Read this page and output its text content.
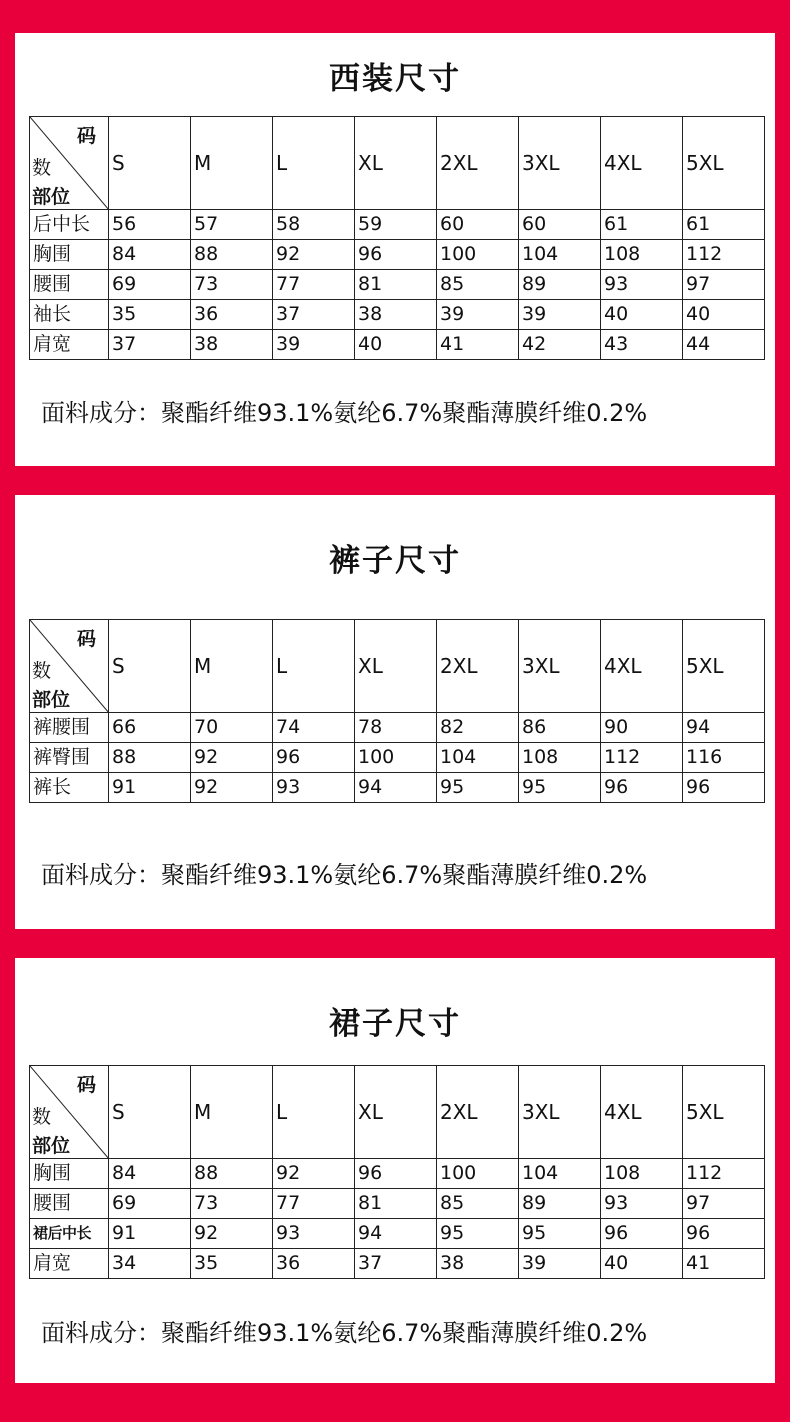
西装尺寸
码
数
部位	S	M	L	XL	2XL	3XL	4XL	5XL
后中长	56	57	58	59	60	60	61	61
胸围	84	88	92	96	100	104	108	112
腰围	69	73	77	81	85	89	93	97
袖长	35	36	37	38	39	39	40	40
肩宽	37	38	39	40	41	42	43	44
面料成分：聚酯纤维93.1%氨纶6.7%聚酯薄膜纤维0.2%
裤子尺寸
码
数
部位	S	M	L	XL	2XL	3XL	4XL	5XL
裤腰围	66	70	74	78	82	86	90	94
裤臀围	88	92	96	100	104	108	112	116
裤长	91	92	93	94	95	95	96	96
面料成分：聚酯纤维93.1%氨纶6.7%聚酯薄膜纤维0.2%
裙子尺寸
码
数
部位	S	M	L	XL	2XL	3XL	4XL	5XL
胸围	84	88	92	96	100	104	108	112
腰围	69	73	77	81	85	89	93	97
裙后中长	91	92	93	94	95	95	96	96
肩宽	34	35	36	37	38	39	40	41
面料成分：聚酯纤维93.1%氨纶6.7%聚酯薄膜纤维0.2%
